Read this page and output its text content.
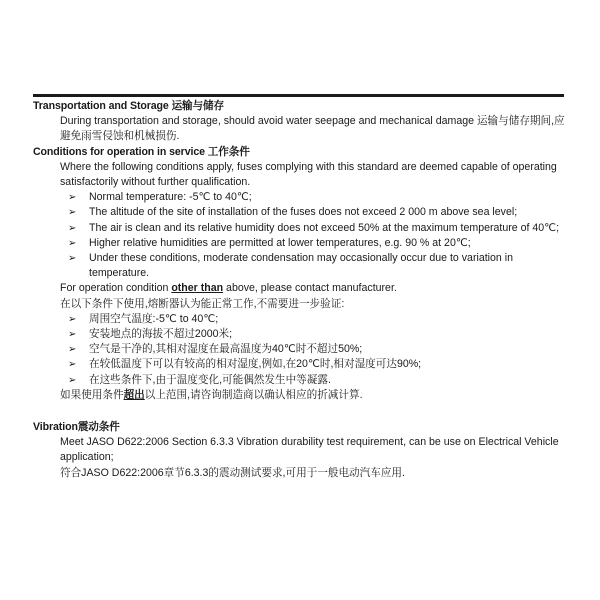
Transportation and Storage 运输与储存
During transportation and storage, should avoid water seepage and mechanical damage 运输与储存期间,应避免雨雪侵蚀和机械损伤.
Conditions for operation in service 工作条件
Where the following conditions apply, fuses complying with this standard are deemed capable of operating satisfactorily without further qualification.
➢ Normal temperature: -5℃ to 40℃;
➢ The altitude of the site of installation of the fuses does not exceed 2 000 m above sea level;
➢ The air is clean and its relative humidity does not exceed 50% at the maximum temperature of 40℃;
➢ Higher relative humidities are permitted at lower temperatures, e.g. 90 % at 20℃;
➢ Under these conditions, moderate condensation may occasionally occur due to variation in temperature.
For operation condition other than above, please contact manufacturer.
在以下条件下使用,熔断器认为能正常工作,不需要进一步验证:
➢ 周围空气温度:-5℃ to 40℃;
➢ 安装地点的海拔不超过2000米;
➢ 空气是干净的,其相对湿度在最高温度为40℃时不超过50%;
➢ 在较低温度下可以有较高的相对湿度,例如,在20℃时,相对湿度可达90%;
➢ 在这些条件下,由于温度变化,可能偶然发生中等凝露.
如果使用条件超出以上范围,请咨询制造商以确认相应的折减计算.
Vibration震动条件
Meet JASO D622:2006 Section 6.3.3 Vibration durability test requirement, can be use on Electrical Vehicle application;
符合JASO D622:2006章节6.3.3的震动测试要求,可用于一般电动汽车应用.
